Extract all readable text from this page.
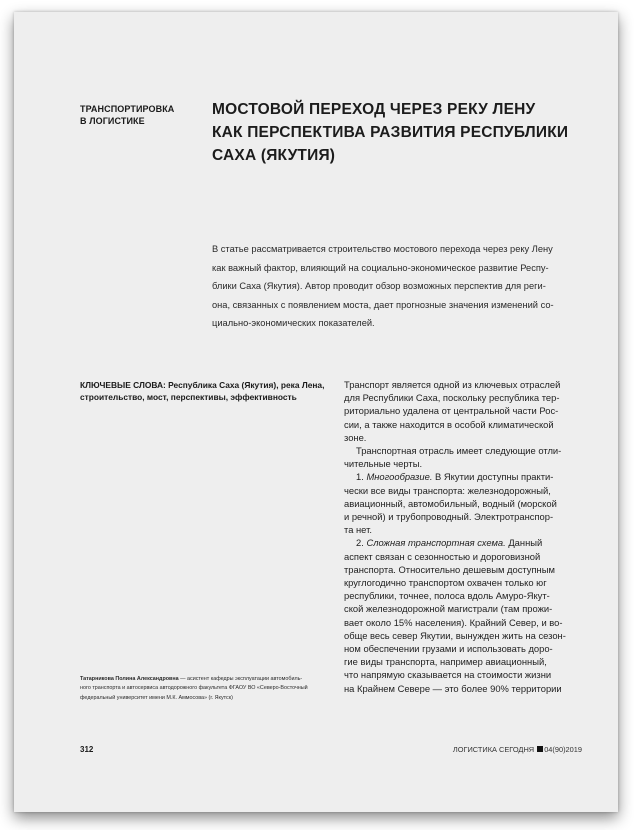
ТРАНСПОРТИРОВКА
В ЛОГИСТИКЕ
МОСТОВОЙ ПЕРЕХОД ЧЕРЕЗ РЕКУ ЛЕНУ
КАК ПЕРСПЕКТИВА РАЗВИТИЯ РЕСПУБЛИКИ
САХА (ЯКУТИЯ)
В статье рассматривается строительство мостового перехода через реку Лену
как важный фактор, влияющий на социально-экономическое развитие Респу-
блики Саха (Якутия). Автор проводит обзор возможных перспектив для реги-
она, связанных с появлением моста, дает прогнозные значения изменений со-
циально-экономических показателей.
КЛЮЧЕВЫЕ СЛОВА: Республика Саха (Якутия), река Лена,
строительство, мост, перспективы, эффективность
Транспорт является одной из ключевых отраслей
для Республики Саха, поскольку республика тер-
риториально удалена от центральной части Рос-
сии, а также находится в особой климатической
зоне.
Транспортная отрасль имеет следующие отли-
чительные черты.
1. Многообразие. В Якутии доступны практи-
чески все виды транспорта: железнодорожный,
авиационный, автомобильный, водный (морской
и речной) и трубопроводный. Электротранспор-
та нет.
2. Сложная транспортная схема. Данный
аспект связан с сезонностью и дороговизной
транспорта. Относительно дешевым доступным
круглогодично транспортом охвачен только юг
республики, точнее, полоса вдоль Амуро-Якут-
ской железнодорожной магистрали (там прожи-
вает около 15% населения). Крайний Север, и во-
обще весь север Якутии, вынужден жить на сезон-
ном обеспечении грузами и использовать доро-
гие виды транспорта, например авиационный,
что напрямую сказывается на стоимости жизни
на Крайнем Севере — это более 90% территории
Татарникова Полина Александровна — асистент кафедры эксплуатации автомобиль-
ного транспорта и автосервиса автодорожного факультета ФГАОУ ВО «Северо-Восточный
федеральный университет имени М.К. Аммосова» (г. Якутск)
312	ЛОГИСТИКА СЕГОДНЯ 04(90)2019
